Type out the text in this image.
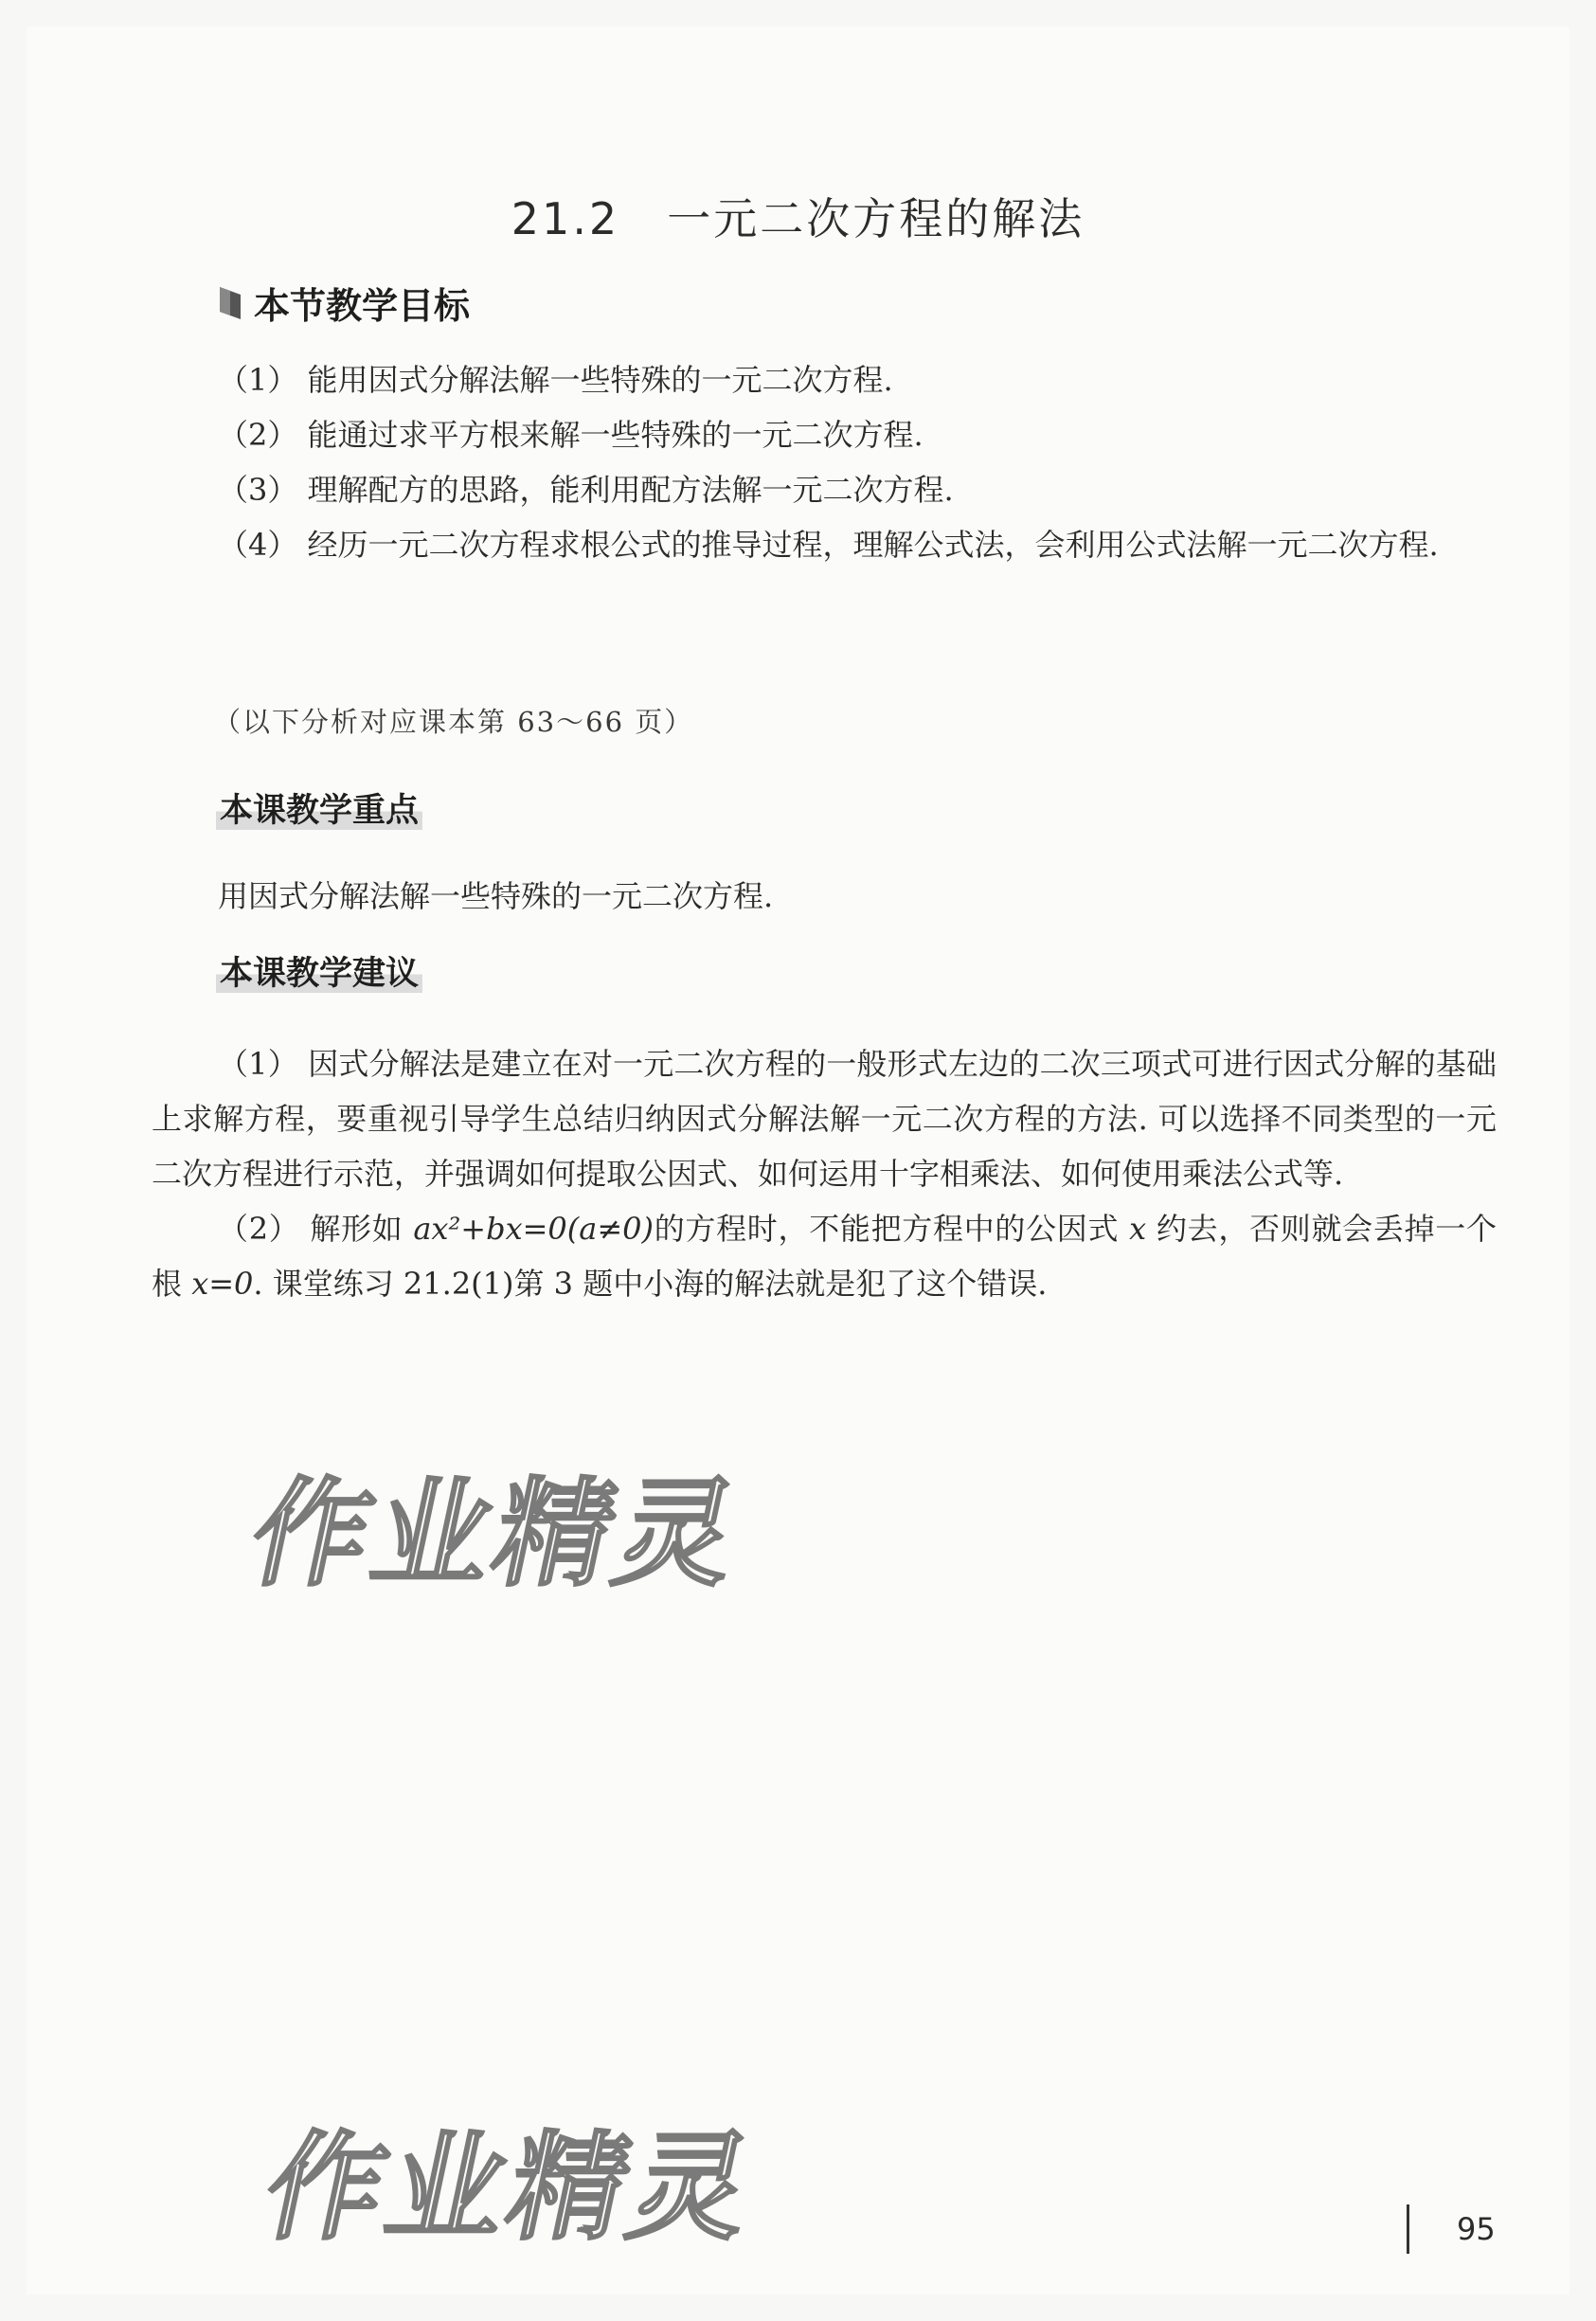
21.2 一元二次方程的解法
本节教学目标

（1） 能用因式分解法解一些特殊的一元二次方程.

（2） 能通过求平方根来解一些特殊的一元二次方程.

（3） 理解配方的思路，能利用配方法解一元二次方程.

（4） 经历一元二次方程求根公式的推导过程，理解公式法，会利用公式法解一元二次方程.

（以下分析对应课本第 63～66 页）
本课教学重点

用因式分解法解一些特殊的一元二次方程.

本课教学建议

（1） 因式分解法是建立在对一元二次方程的一般形式左边的二次三项式可进行因式分解的基础上求解方程，要重视引导学生总结归纳因式分解法解一元二次方程的方法. 可以选择不同类型的一元二次方程进行示范，并强调如何提取公因式、如何运用十字相乘法、如何使用乘法公式等.

（2） 解形如 ax²+bx=0(a≠0)的方程时，不能把方程中的公因式 x 约去，否则就会丢掉一个根 x=0. 课堂练习 21.2(1)第 3 题中小海的解法就是犯了这个错误.

作业精灵
作业精灵	95
